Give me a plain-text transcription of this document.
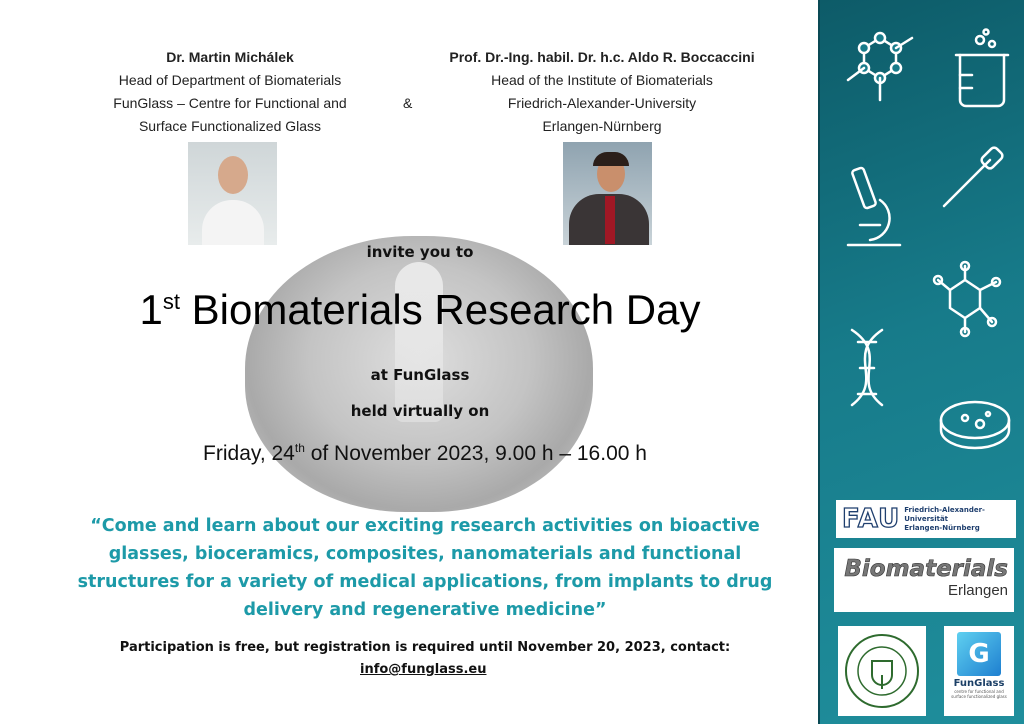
Dr. Martin Michálek
Head of Department of Biomaterials
FunGlass – Centre for Functional and
Surface Functionalized Glass
&
Prof. Dr.-Ing. habil. Dr. h.c. Aldo R. Boccaccini
Head of the Institute of Biomaterials
Friedrich-Alexander-University
Erlangen-Nürnberg
invite you to
1st Biomaterials Research Day
at FunGlass
held virtually on
Friday, 24th of November 2023, 9.00 h – 16.00 h
“Come and learn about our exciting research activities on bioactive glasses, bioceramics, composites, nanomaterials and functional structures for a variety of medical applications, from implants to drug delivery and regenerative medicine”
Participation is free, but registration is required until November 20, 2023, contact:
info@funglass.eu
FAU Friedrich-Alexander-Universität
Erlangen-Nürnberg
Biomaterials
Erlangen
G
FunGlass
centre for functional and surface functionalized glass
